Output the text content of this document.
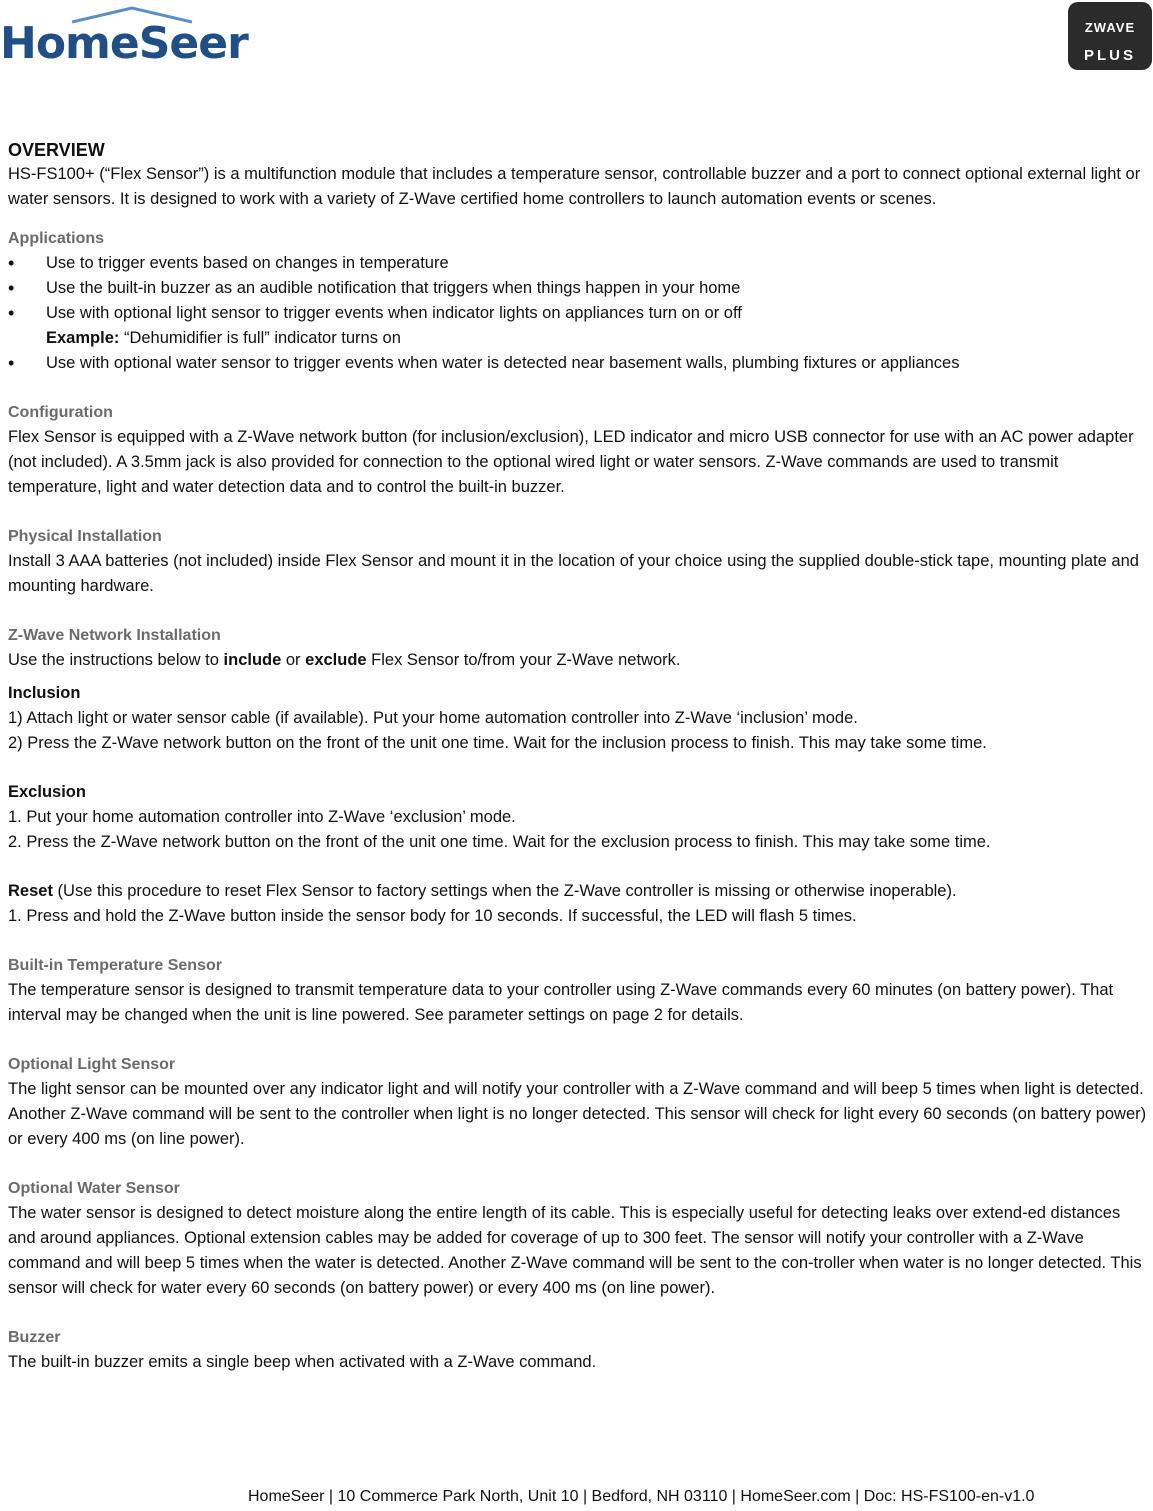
HomeSeer	ZWAVE
PLUS

OVERVIEW

HS-FS100+ (“Flex Sensor”) is a multifunction module that includes a temperature sensor, controllable buzzer and a port to connect optional external light or water sensors. It is designed to work with a variety of Z-Wave certified home controllers to launch automation events or scenes.

Applications

• Use to trigger events based on changes in temperature
• Use the built-in buzzer as an audible notification that triggers when things happen in your home
• Use with optional light sensor to trigger events when indicator lights on appliances turn on or off

Example: “Dehumidifier is full” indicator turns on

• Use with optional water sensor to trigger events when water is detected near basement walls, plumbing fixtures or appliances

Configuration

Flex Sensor is equipped with a Z-Wave network button (for inclusion/exclusion), LED indicator and micro USB connector for use with an AC power adapter (not included). A 3.5mm jack is also provided for connection to the optional wired light or water sensors. Z-Wave commands are used to transmit temperature, light and water detection data and to control the built-in buzzer.

Physical Installation

Install 3 AAA batteries (not included) inside Flex Sensor and mount it in the location of your choice using the supplied double-stick tape, mounting plate and mounting hardware.

Z-Wave Network Installation

Use the instructions below to include or exclude Flex Sensor to/from your Z-Wave network.

Inclusion

1) Attach light or water sensor cable (if available). Put your home automation controller into Z-Wave ‘inclusion’ mode.

2) Press the Z-Wave network button on the front of the unit one time. Wait for the inclusion process to finish. This may take some time.

Exclusion

1. Put your home automation controller into Z-Wave ‘exclusion’ mode.

2. Press the Z-Wave network button on the front of the unit one time. Wait for the exclusion process to finish. This may take some time.

Reset (Use this procedure to reset Flex Sensor to factory settings when the Z-Wave controller is missing or otherwise inoperable).

1. Press and hold the Z-Wave button inside the sensor body for 10 seconds. If successful, the LED will flash 5 times.

Built-in Temperature Sensor

The temperature sensor is designed to transmit temperature data to your controller using Z-Wave commands every 60 minutes (on battery power). That interval may be changed when the unit is line powered. See parameter settings on page 2 for details.

Optional Light Sensor

The light sensor can be mounted over any indicator light and will notify your controller with a Z-Wave command and will beep 5 times when light is detected. Another Z-Wave command will be sent to the controller when light is no longer detected. This sensor will check for light every 60 seconds (on battery power) or every 400 ms (on line power).

Optional Water Sensor

The water sensor is designed to detect moisture along the entire length of its cable. This is especially useful for detecting leaks over extend-ed distances and around appliances. Optional extension cables may be added for coverage of up to 300 feet. The sensor will notify your controller with a Z-Wave command and will beep 5 times when the water is detected. Another Z-Wave command will be sent to the con-troller when water is no longer detected. This sensor will check for water every 60 seconds (on battery power) or every 400 ms (on line power).

Buzzer

The built-in buzzer emits a single beep when activated with a Z-Wave command.

HomeSeer | 10 Commerce Park North, Unit 10 | Bedford, NH 03110 | HomeSeer.com | Doc: HS-FS100-en-v1.0
